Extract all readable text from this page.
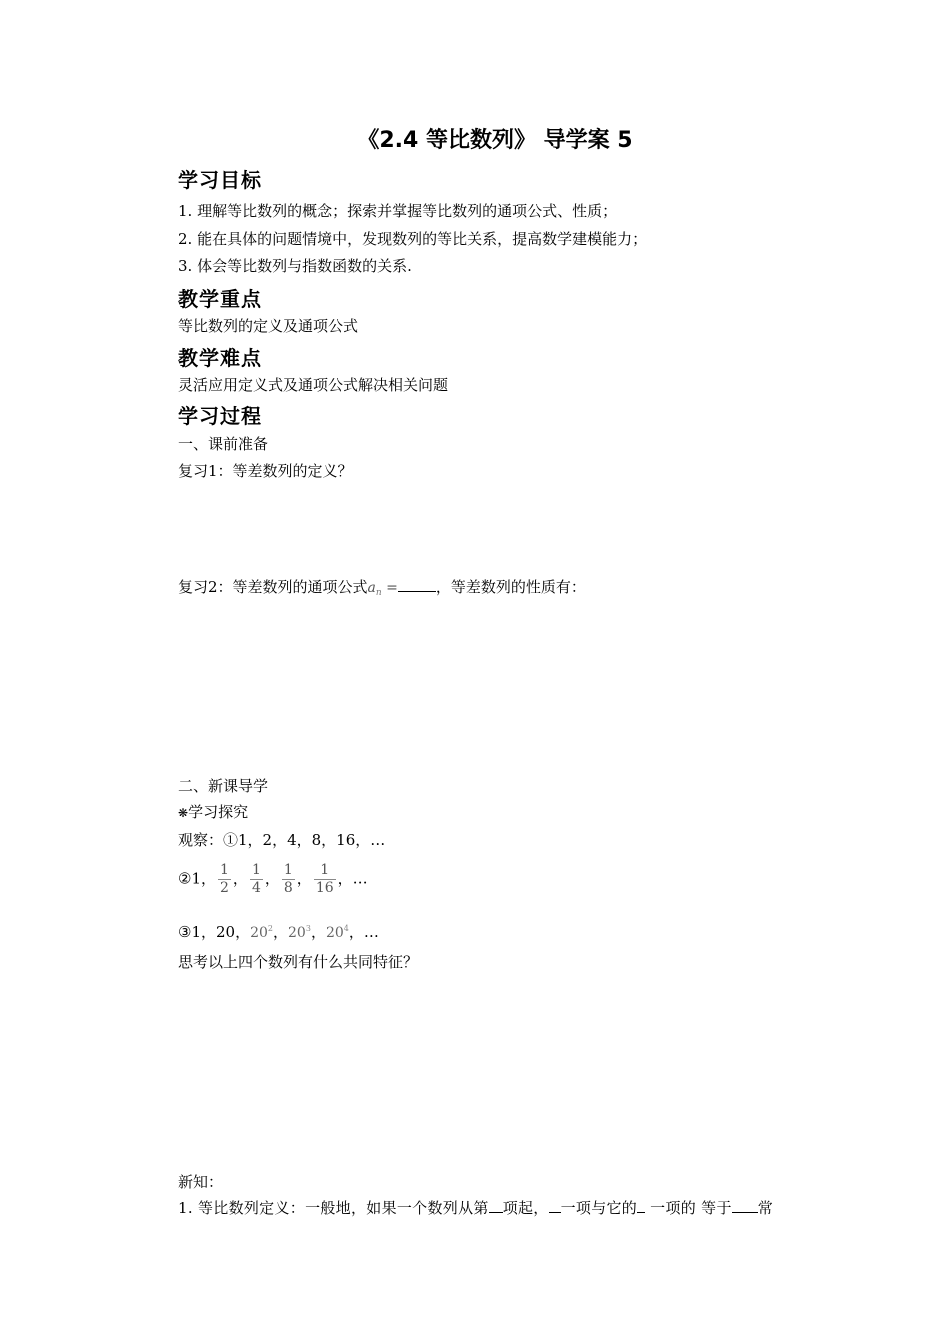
《2.4 等比数列》 导学案 5
学习目标
1. 理解等比数列的概念；探索并掌握等比数列的通项公式、性质；
2. 能在具体的问题情境中，发现数列的等比关系，提高数学建模能力；
3. 体会等比数列与指数函数的关系.
教学重点
等比数列的定义及通项公式
教学难点
灵活应用定义式及通项公式解决相关问题
学习过程
一、课前准备
复习1：等差数列的定义？
复习2：等差数列的通项公式$a_n$ =	，等差数列的性质有：
二、新课导学
❋学习探究
观察：①1，2，4，8，16，…
②1， $\frac{1}{2}$ ， $\frac{1}{4}$ ， $\frac{1}{8}$ ， $\frac{1}{16}$ ，…
③1，20，$20^2$，$20^3$，$20^4$，…
思考以上四个数列有什么共同特征？
新知：
1. 等比数列定义：一般地，如果一个数列从第 项起， 一项与它的 一项的 等于 常
